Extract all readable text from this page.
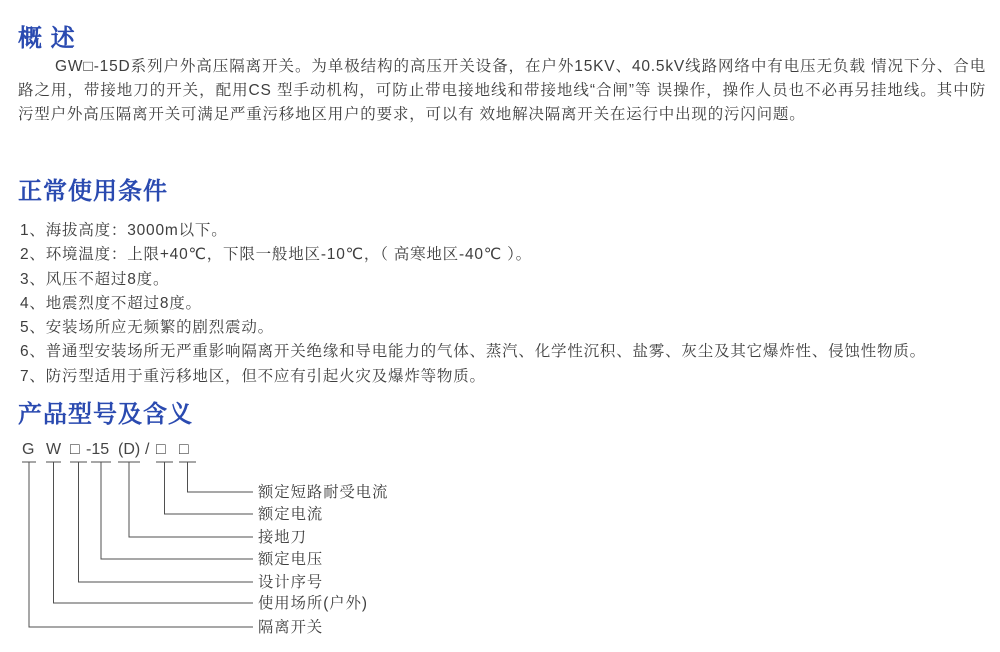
概 述

GW□-15D系列户外高压隔离开关。为单极结构的高压开关设备，在户外15KV、40.5kV线路网络中有电压无负载 情况下分、合电路之用，带接地刀的开关，配用CS 型手动机构，可防止带电接地线和带接地线“合闸”等 误操作，操作人员也不必再另挂地线。其中防污型户外高压隔离开关可满足严重污移地区用户的要求，可以有 效地解决隔离开关在运行中出现的污闪问题。

正常使用条件
1、海拔高度：3000m以下。
2、环境温度：上限+40℃，下限一般地区-10℃，（ 高寒地区-40℃ ）。
3、风压不超过8度。
4、地震烈度不超过8度。
5、安装场所应无频繁的剧烈震动。
6、普通型安装场所无严重影响隔离开关绝缘和导电能力的气体、蒸汽、化学性沉积、盐雾、灰尘及其它爆炸性、侵蚀性物质。
7、防污型适用于重污移地区，但不应有引起火灾及爆炸等物质。
产品型号及含义
G W □ -15 (D) / □ □
额定短路耐受电流
额定电流
接地刀
额定电压
设计序号
使用场所(户外)
隔离开关
